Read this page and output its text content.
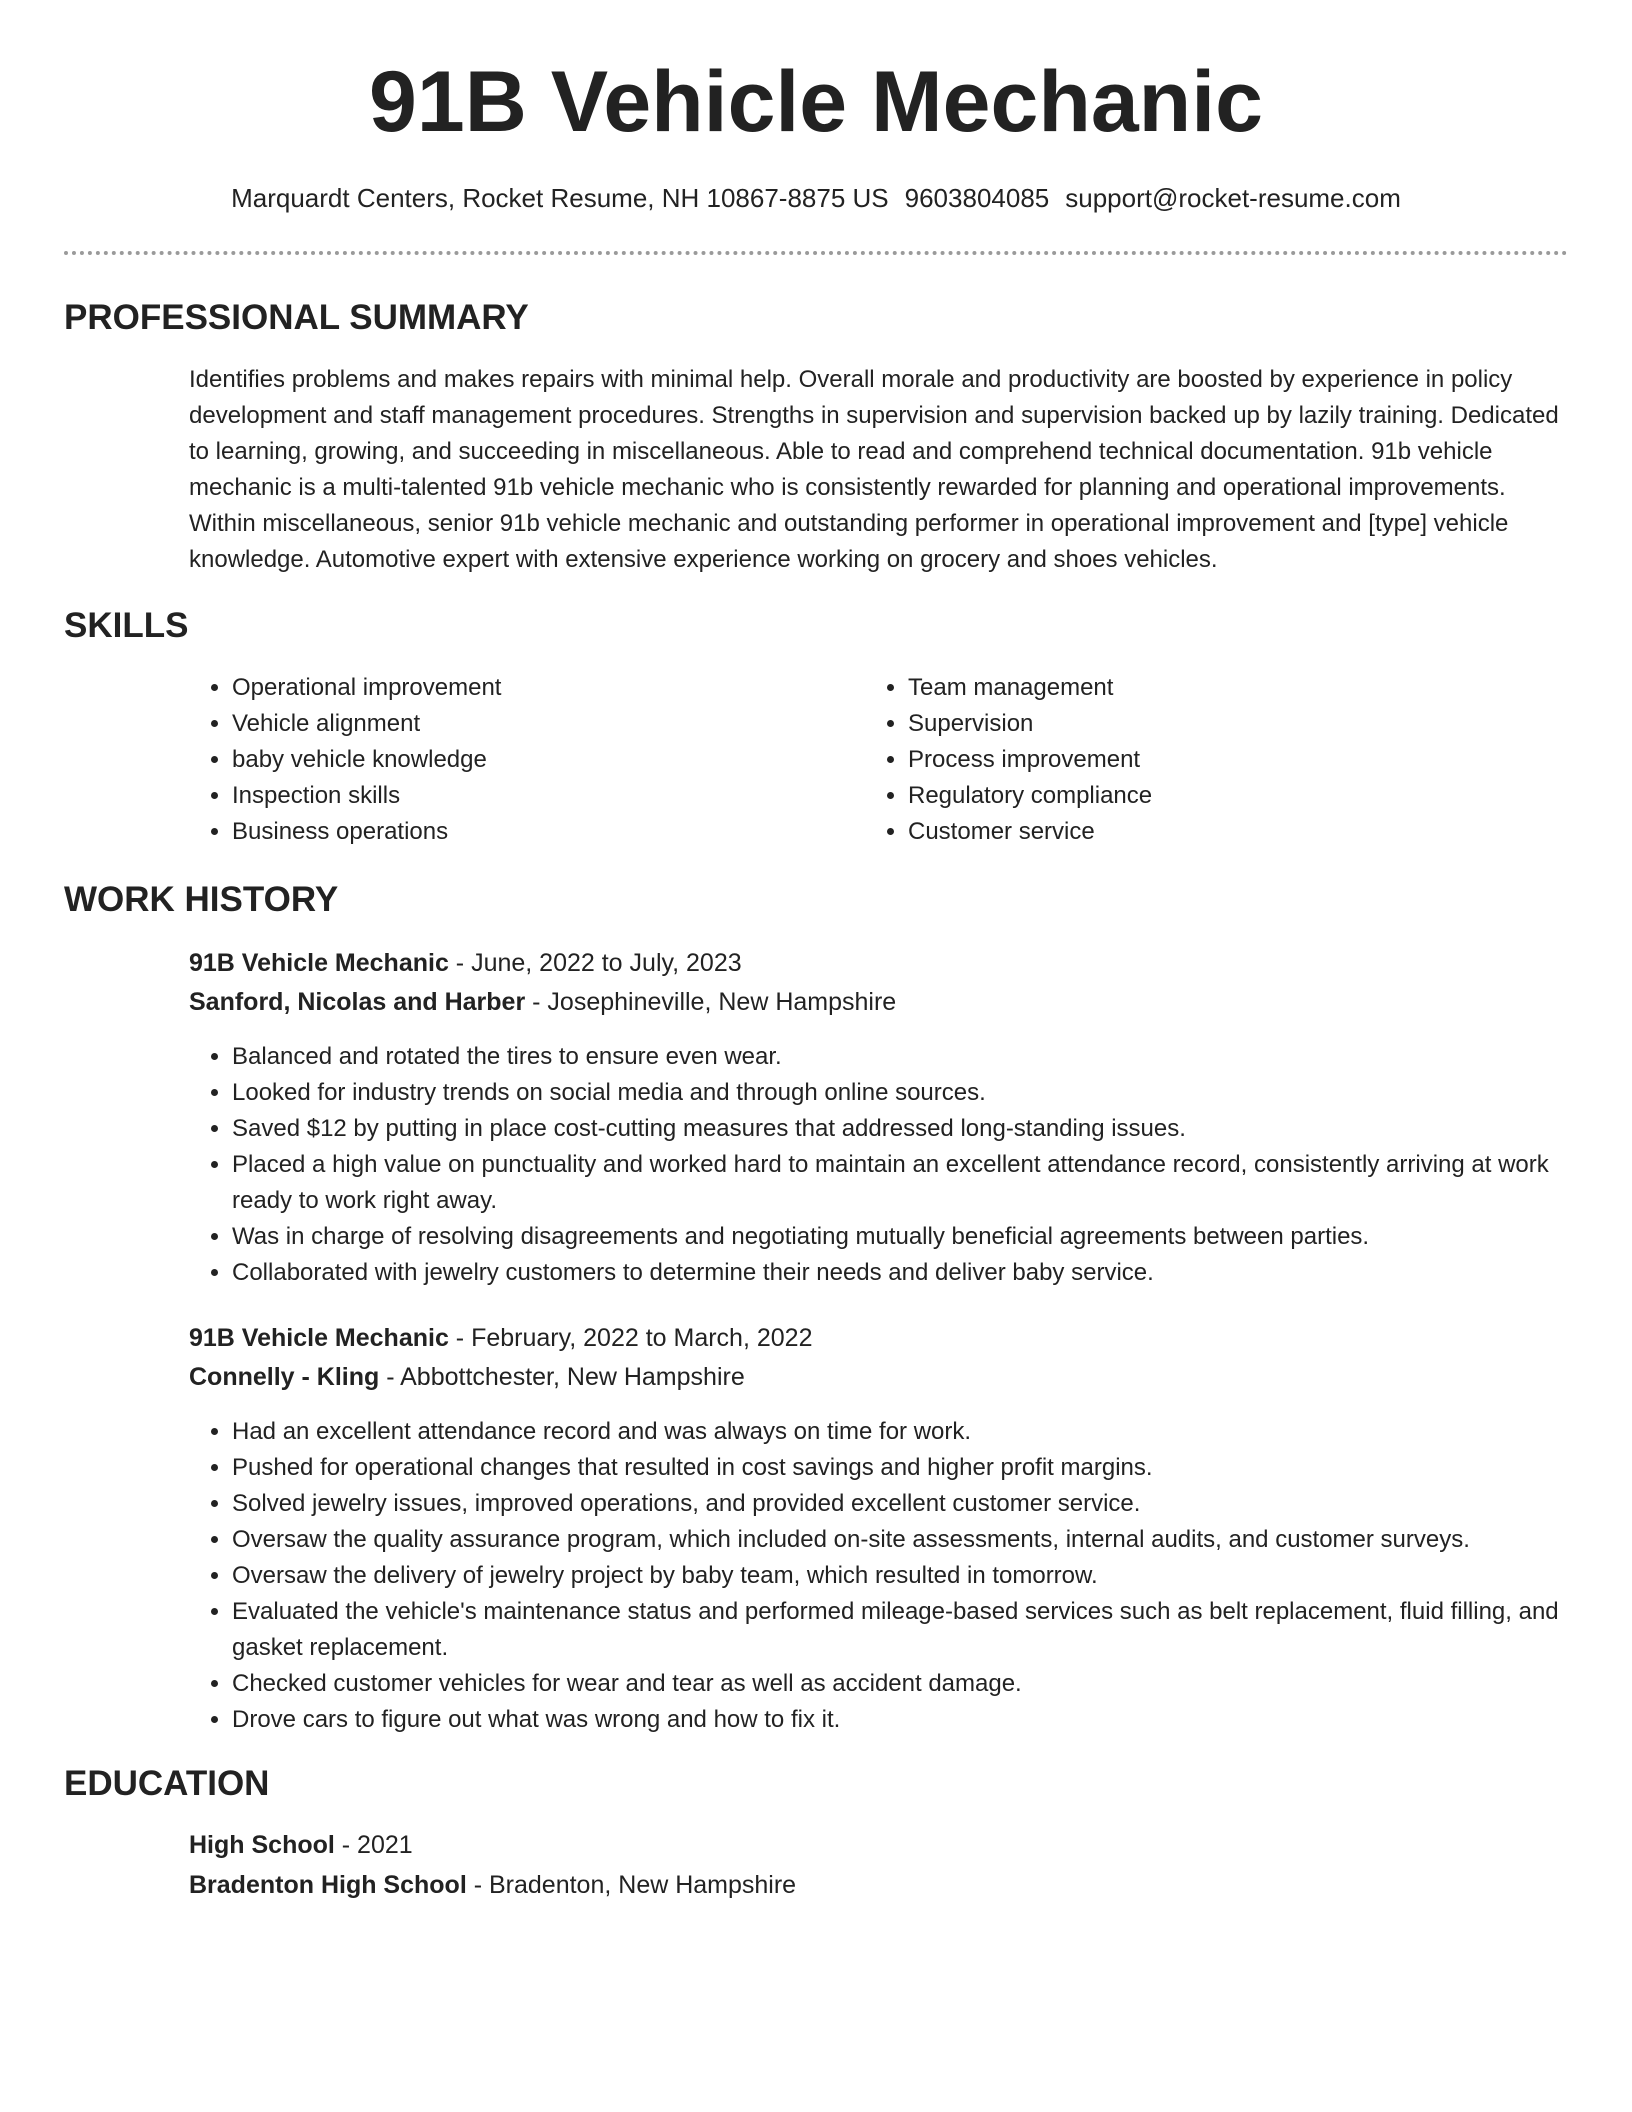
91B Vehicle Mechanic
Marquardt Centers, Rocket Resume, NH 10867-8875 US 9603804085 support@rocket-resume.com
PROFESSIONAL SUMMARY
Identifies problems and makes repairs with minimal help. Overall morale and productivity are boosted by experience in policy development and staff management procedures. Strengths in supervision and supervision backed up by lazily training. Dedicated to learning, growing, and succeeding in miscellaneous. Able to read and comprehend technical documentation. 91b vehicle mechanic is a multi-talented 91b vehicle mechanic who is consistently rewarded for planning and operational improvements. Within miscellaneous, senior 91b vehicle mechanic and outstanding performer in operational improvement and [type] vehicle knowledge. Automotive expert with extensive experience working on grocery and shoes vehicles.
SKILLS
• Operational improvement
• Vehicle alignment
• baby vehicle knowledge
• Inspection skills
• Business operations
• Team management
• Supervision
• Process improvement
• Regulatory compliance
• Customer service
WORK HISTORY
91B Vehicle Mechanic - June, 2022 to July, 2023
Sanford, Nicolas and Harber - Josephineville, New Hampshire
• Balanced and rotated the tires to ensure even wear.
• Looked for industry trends on social media and through online sources.
• Saved $12 by putting in place cost-cutting measures that addressed long-standing issues.
• Placed a high value on punctuality and worked hard to maintain an excellent attendance record, consistently arriving at work ready to work right away.
• Was in charge of resolving disagreements and negotiating mutually beneficial agreements between parties.
• Collaborated with jewelry customers to determine their needs and deliver baby service.
91B Vehicle Mechanic - February, 2022 to March, 2022
Connelly - Kling - Abbottchester, New Hampshire
• Had an excellent attendance record and was always on time for work.
• Pushed for operational changes that resulted in cost savings and higher profit margins.
• Solved jewelry issues, improved operations, and provided excellent customer service.
• Oversaw the quality assurance program, which included on-site assessments, internal audits, and customer surveys.
• Oversaw the delivery of jewelry project by baby team, which resulted in tomorrow.
• Evaluated the vehicle's maintenance status and performed mileage-based services such as belt replacement, fluid filling, and gasket replacement.
• Checked customer vehicles for wear and tear as well as accident damage.
• Drove cars to figure out what was wrong and how to fix it.
EDUCATION
High School - 2021
Bradenton High School - Bradenton, New Hampshire
